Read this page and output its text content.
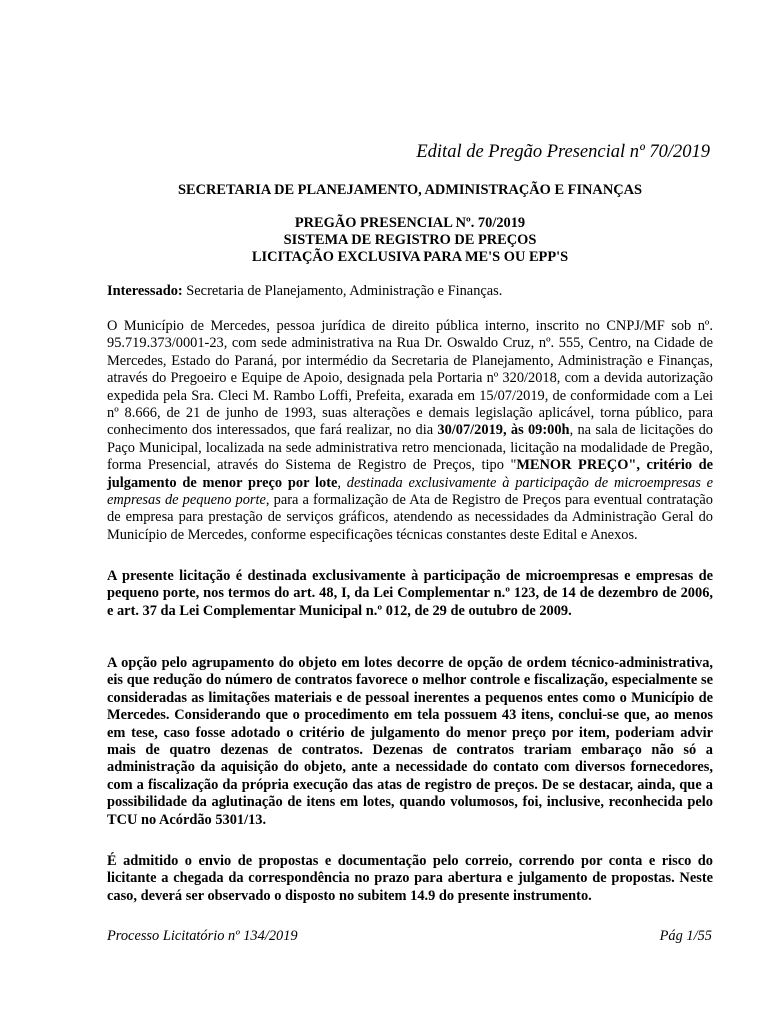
Edital de Pregão Presencial nº 70/2019
SECRETARIA DE PLANEJAMENTO, ADMINISTRAÇÃO E FINANÇAS
PREGÃO PRESENCIAL Nº. 70/2019
SISTEMA DE REGISTRO DE PREÇOS
LICITAÇÃO EXCLUSIVA PARA ME'S OU EPP'S
Interessado: Secretaria de Planejamento, Administração e Finanças.
O Município de Mercedes, pessoa jurídica de direito pública interno, inscrito no CNPJ/MF sob nº. 95.719.373/0001-23, com sede administrativa na Rua Dr. Oswaldo Cruz, nº. 555, Centro, na Cidade de Mercedes, Estado do Paraná, por intermédio da Secretaria de Planejamento, Administração e Finanças, através do Pregoeiro e Equipe de Apoio, designada pela Portaria nº 320/2018, com a devida autorização expedida pela Sra. Cleci M. Rambo Loffi, Prefeita, exarada em 15/07/2019, de conformidade com a Lei nº 8.666, de 21 de junho de 1993, suas alterações e demais legislação aplicável, torna público, para conhecimento dos interessados, que fará realizar, no dia 30/07/2019, às 09:00h, na sala de licitações do Paço Municipal, localizada na sede administrativa retro mencionada, licitação na modalidade de Pregão, forma Presencial, através do Sistema de Registro de Preços, tipo "MENOR PREÇO", critério de julgamento de menor preço por lote, destinada exclusivamente à participação de microempresas e empresas de pequeno porte, para a formalização de Ata de Registro de Preços para eventual contratação de empresa para prestação de serviços gráficos, atendendo as necessidades da Administração Geral do Município de Mercedes, conforme especificações técnicas constantes deste Edital e Anexos.
A presente licitação é destinada exclusivamente à participação de microempresas e empresas de pequeno porte, nos termos do art. 48, I, da Lei Complementar n.º 123, de 14 de dezembro de 2006, e art. 37 da Lei Complementar Municipal n.º 012, de 29 de outubro de 2009.
A opção pelo agrupamento do objeto em lotes decorre de opção de ordem técnico-administrativa, eis que redução do número de contratos favorece o melhor controle e fiscalização, especialmente se consideradas as limitações materiais e de pessoal inerentes a pequenos entes como o Município de Mercedes. Considerando que o procedimento em tela possuem 43 itens, conclui-se que, ao menos em tese, caso fosse adotado o critério de julgamento do menor preço por item, poderiam advir mais de quatro dezenas de contratos. Dezenas de contratos trariam embaraço não só a administração da aquisição do objeto, ante a necessidade do contato com diversos fornecedores, com a fiscalização da própria execução das atas de registro de preços. De se destacar, ainda, que a possibilidade da aglutinação de itens em lotes, quando volumosos, foi, inclusive, reconhecida pelo TCU no Acórdão 5301/13.
É admitido o envio de propostas e documentação pelo correio, correndo por conta e risco do licitante a chegada da correspondência no prazo para abertura e julgamento de propostas. Neste caso, deverá ser observado o disposto no subitem 14.9 do presente instrumento.
Processo Licitatório nº 134/2019	Pág 1/55
